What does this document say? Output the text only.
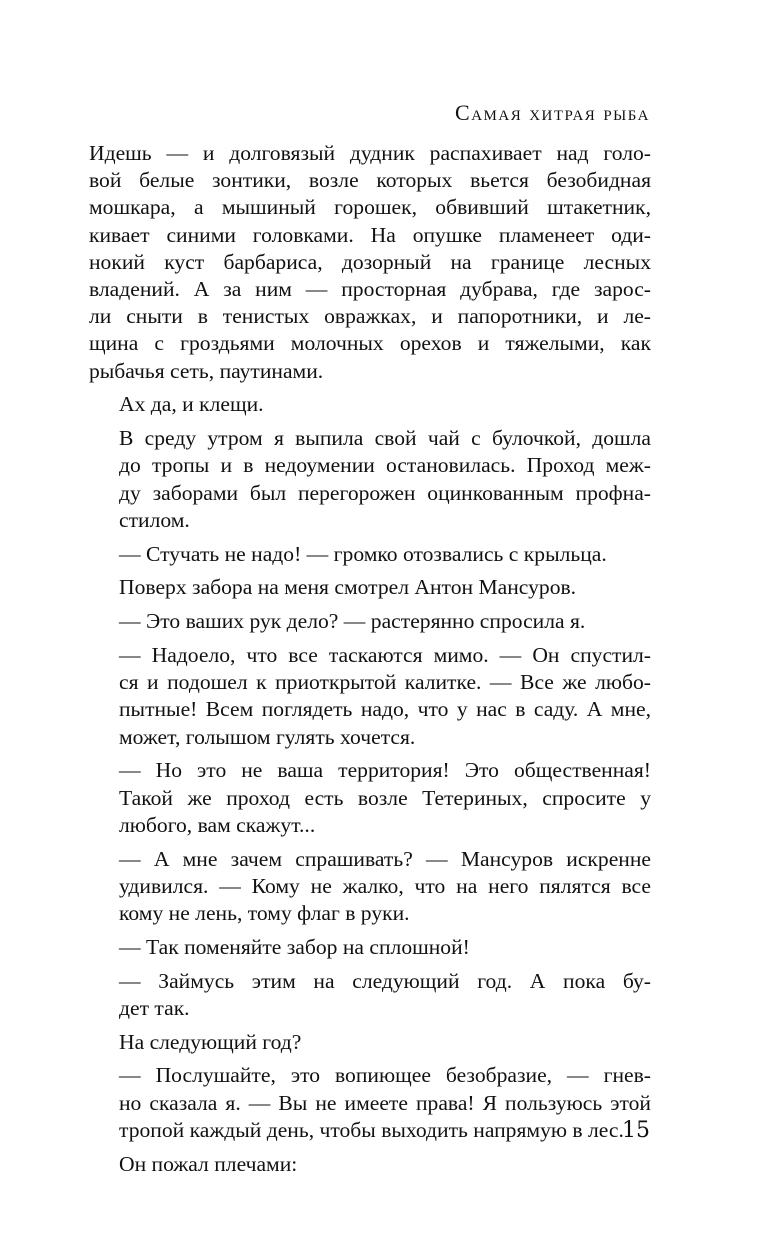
Самая хитрая рыба

Идешь — и долговязый дудник распахивает над голо-
вой белые зонтики, возле которых вьется безобидная
мошкара, а мышиный горошек, обвивший штакетник,
кивает синими головками. На опушке пламенеет оди-
нокий куст барбариса, дозорный на границе лесных
владений. А за ним — просторная дубрава, где зарос-
ли сныти в тенистых овражках, и папоротники, и ле-
щина с гроздьями молочных орехов и тяжелыми, как
рыбачья сеть, паутинами.

Ах да, и клещи.

В среду утром я выпила свой чай с булочкой, дошла
до тропы и в недоумении остановилась. Проход меж-
ду заборами был перегорожен оцинкованным профна-
стилом.

— Стучать не надо! — громко отозвались с крыльца.

Поверх забора на меня смотрел Антон Мансуров.

— Это ваших рук дело? — растерянно спросила я.

— Надоело, что все таскаются мимо. — Он спустил-
ся и подошел к приоткрытой калитке. — Все же любо-
пытные! Всем поглядеть надо, что у нас в саду. А мне,
может, голышом гулять хочется.

— Но это не ваша территория! Это общественная!
Такой же проход есть возле Тетериных, спросите у
любого, вам скажут...

— А мне зачем спрашивать? — Мансуров искренне
удивился. — Кому не жалко, что на него пялятся все
кому не лень, тому флаг в руки.

— Так поменяйте забор на сплошной!

— Займусь этим на следующий год. А пока бу-
дет так.

На следующий год?

— Послушайте, это вопиющее безобразие, — гнев-
но сказала я. — Вы не имеете права! Я пользуюсь этой
тропой каждый день, чтобы выходить напрямую в лес.

Он пожал плечами:

15
